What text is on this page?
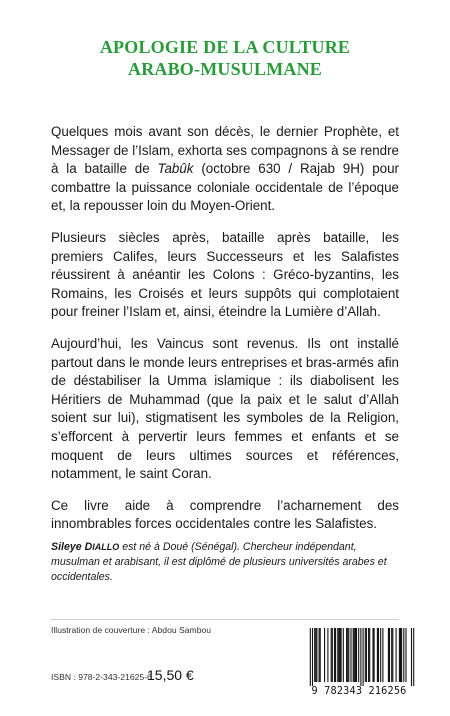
APOLOGIE DE LA CULTURE
ARABO-MUSULMANE

Quelques mois avant son décès, le dernier Prophète, et Messager de l’Islam, exhorta ses compagnons à se rendre à la bataille de Tabûk (octobre 630 / Rajab 9H) pour combattre la puissance coloniale occidentale de l’époque et, la repousser loin du Moyen-Orient.

Plusieurs siècles après, bataille après bataille, les premiers Califes, leurs Successeurs et les Salafistes réussirent à anéantir les Colons : Gréco-byzantins, les Romains, les Croisés et leurs suppôts qui complotaient pour freiner l’Islam et, ainsi, éteindre la Lumière d’Allah.

Aujourd’hui, les Vaincus sont revenus. Ils ont installé partout dans le monde leurs entreprises et bras-armés afin de déstabiliser la Umma islamique : ils diabolisent les Héritiers de Muhammad (que la paix et le salut d’Allah soient sur lui), stigmatisent les symboles de la Religion, s’efforcent à pervertir leurs femmes et enfants et se moquent de leurs ultimes sources et références, notamment, le saint Coran.

Ce livre aide à comprendre l’acharnement des innombrables forces occidentales contre les Salafistes.

Sileye DIALLO est né à Doué (Sénégal). Chercheur indépendant, musulman et arabisant, il est diplômé de plusieurs universités arabes et occidentales.
Illustration de couverture : Abdou Sambou
ISBN : 978-2-343-21625-6
15,50 €
9 782343 216256
